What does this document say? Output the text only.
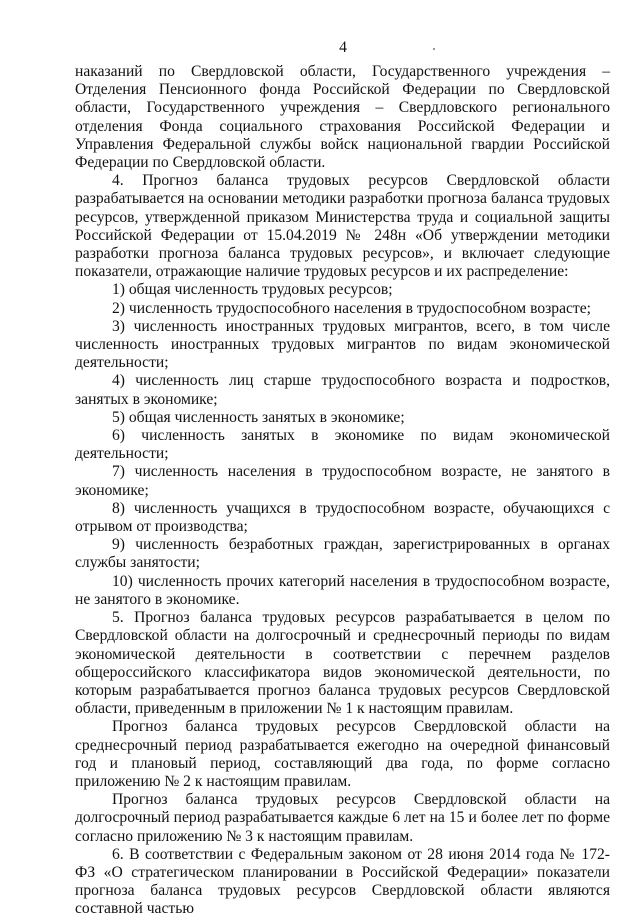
4

наказаний по Свердловской области, Государственного учреждения – Отделения Пенсионного фонда Российской Федерации по Свердловской области, Государственного учреждения – Свердловского регионального отделения Фонда социального страхования Российской Федерации и Управления Федеральной службы войск национальной гвардии Российской Федерации по Свердловской области.

4. Прогноз баланса трудовых ресурсов Свердловской области разрабатывается на основании методики разработки прогноза баланса трудовых ресурсов, утвержденной приказом Министерства труда и социальной защиты Российской Федерации от 15.04.2019 № 248н «Об утверждении методики разработки прогноза баланса трудовых ресурсов», и включает следующие показатели, отражающие наличие трудовых ресурсов и их распределение:

1) общая численность трудовых ресурсов;

2) численность трудоспособного населения в трудоспособном возрасте;

3) численность иностранных трудовых мигрантов, всего, в том числе численность иностранных трудовых мигрантов по видам экономической деятельности;

4) численность лиц старше трудоспособного возраста и подростков, занятых в экономике;

5) общая численность занятых в экономике;

6) численность занятых в экономике по видам экономической деятельности;

7) численность населения в трудоспособном возрасте, не занятого в экономике;

8) численность учащихся в трудоспособном возрасте, обучающихся с отрывом от производства;

9) численность безработных граждан, зарегистрированных в органах службы занятости;

10) численность прочих категорий населения в трудоспособном возрасте, не занятого в экономике.

5. Прогноз баланса трудовых ресурсов разрабатывается в целом по Свердловской области на долгосрочный и среднесрочный периоды по видам экономической деятельности в соответствии с перечнем разделов общероссийского классификатора видов экономической деятельности, по которым разрабатывается прогноз баланса трудовых ресурсов Свердловской области, приведенным в приложении № 1 к настоящим правилам.

Прогноз баланса трудовых ресурсов Свердловской области на среднесрочный период разрабатывается ежегодно на очередной финансовый год и плановый период, составляющий два года, по форме согласно приложению № 2 к настоящим правилам.

Прогноз баланса трудовых ресурсов Свердловской области на долгосрочный период разрабатывается каждые 6 лет на 15 и более лет по форме согласно приложению № 3 к настоящим правилам.

6. В соответствии с Федеральным законом от 28 июня 2014 года № 172-ФЗ «О стратегическом планировании в Российской Федерации» показатели прогноза баланса трудовых ресурсов Свердловской области являются составной частью
